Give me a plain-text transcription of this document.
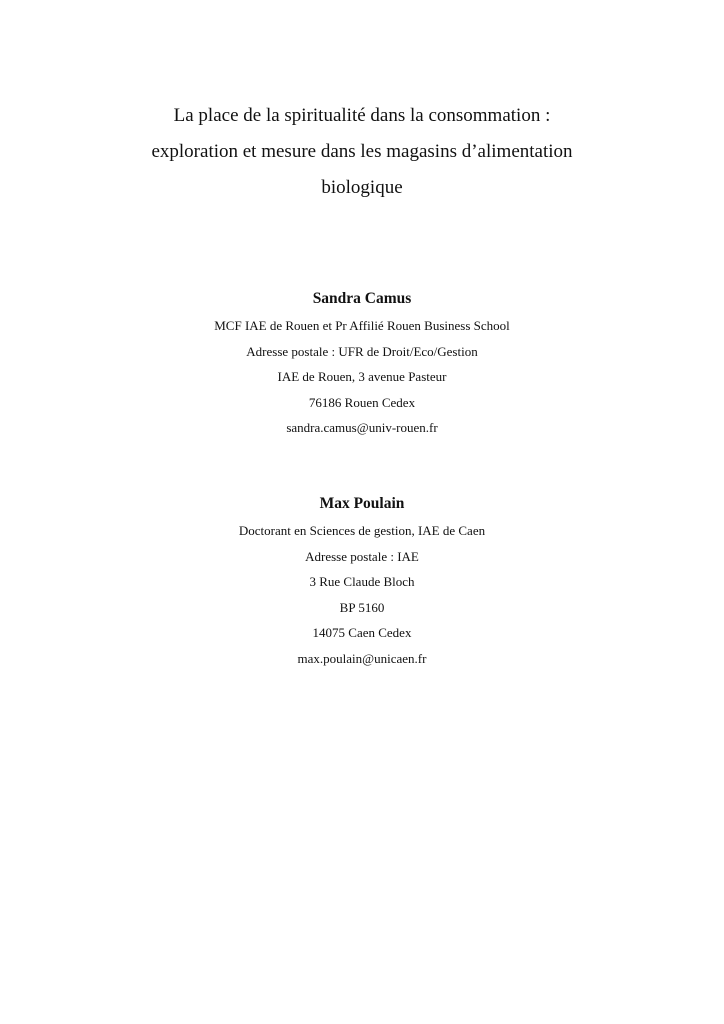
La place de la spiritualité dans la consommation :

exploration et mesure dans les magasins d’alimentation

biologique

Sandra Camus

MCF IAE de Rouen et Pr Affilié Rouen Business School

Adresse postale : UFR de Droit/Eco/Gestion

IAE de Rouen, 3 avenue Pasteur

76186 Rouen Cedex

sandra.camus@univ-rouen.fr

Max Poulain

Doctorant en Sciences de gestion, IAE de Caen

Adresse postale : IAE

3 Rue Claude Bloch

BP 5160

14075 Caen Cedex

max.poulain@unicaen.fr
